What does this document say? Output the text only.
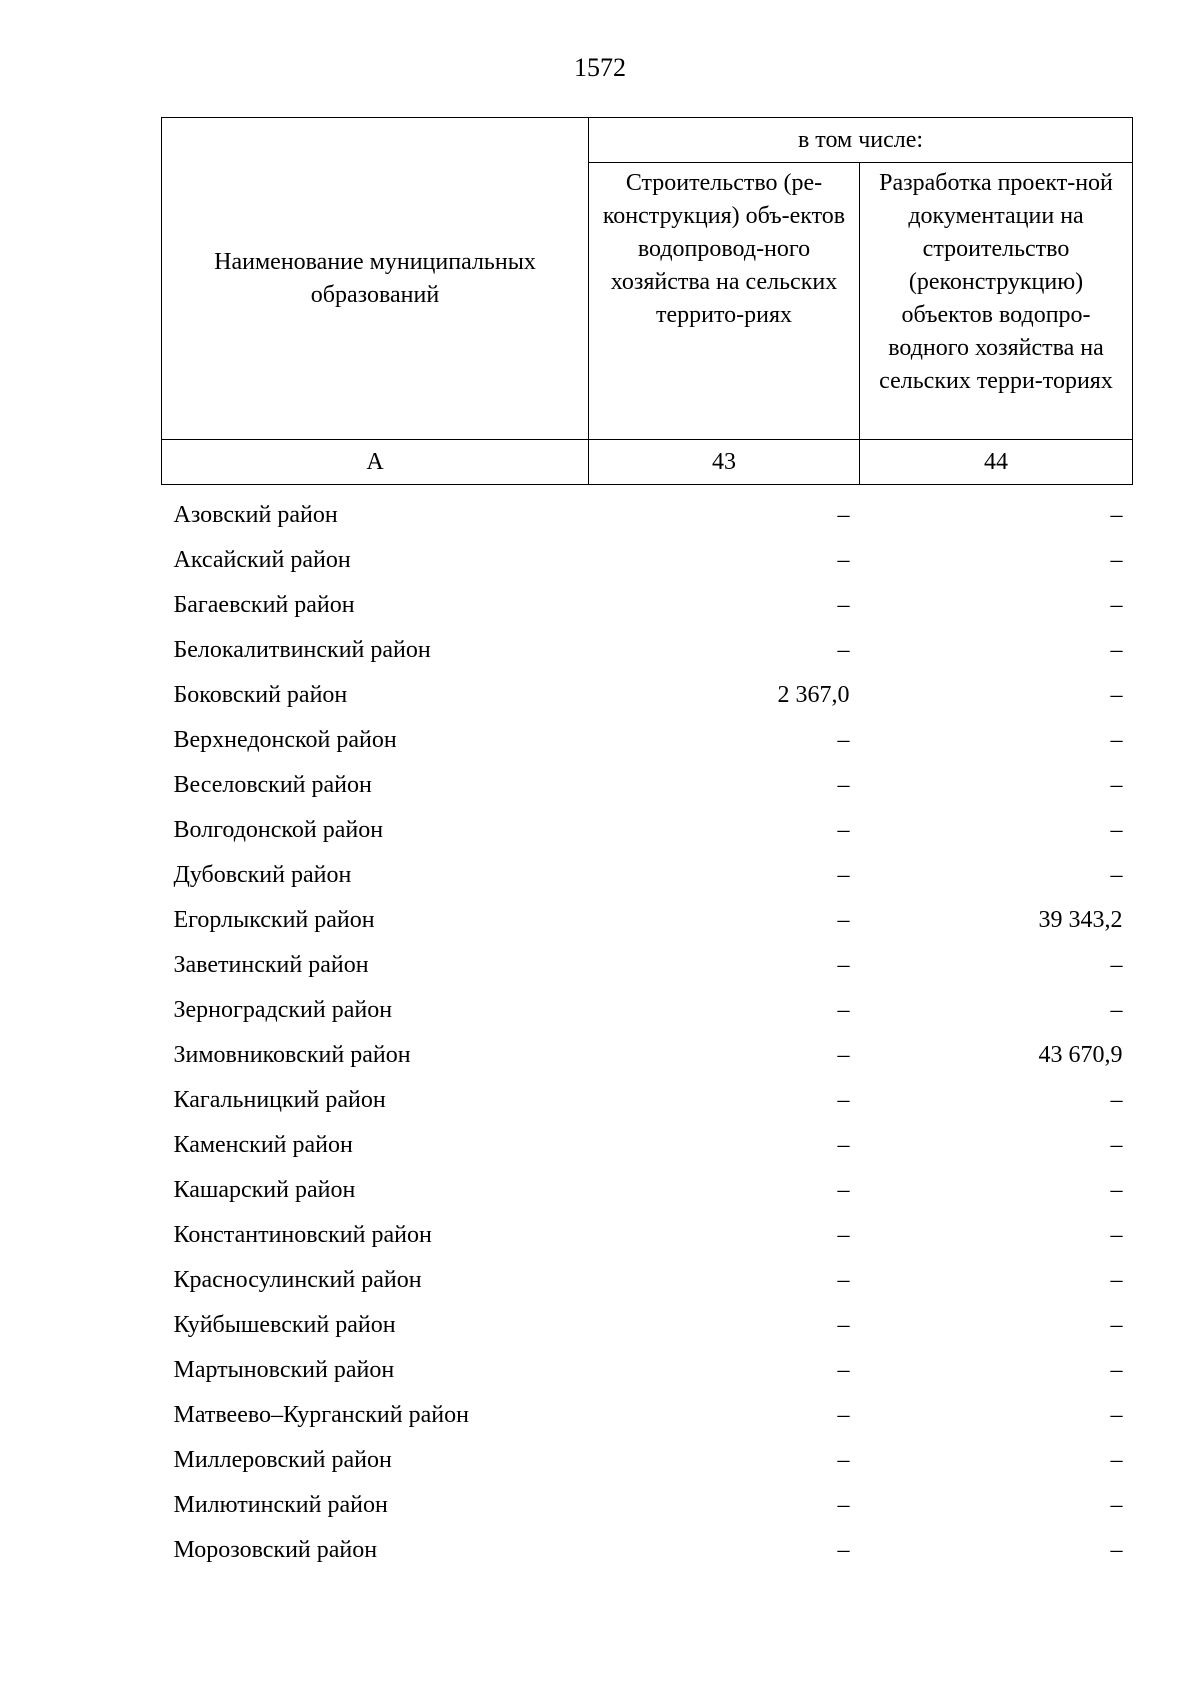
1572
Наименование муниципальных образований	в том числе:	
	Строительство (ре-конструкция) объ-ектов водопровод-ного хозяйства на сельских террито-риях	Разработка проект-ной документации на строительство (реконструкцию) объектов водопро-водного хозяйства на сельских терри-ториях
А	43	44

Азовский район	–	–
Аксайский район	–	–
Багаевский район	–	–
Белокалитвинский район	–	–
Боковский район	2 367,0	–
Верхнедонской район	–	–
Веселовский район	–	–
Волгодонской район	–	–
Дубовский район	–	–
Егорлыкский район	–	39 343,2
Заветинский район	–	–
Зерноградский район	–	–
Зимовниковский район	–	43 670,9
Кагальницкий район	–	–
Каменский район	–	–
Кашарский район	–	–
Константиновский район	–	–
Красносулинский район	–	–
Куйбышевский район	–	–
Мартыновский район	–	–
Матвеево–Курганский район	–	–
Миллеровский район	–	–
Милютинский район	–	–
Морозовский район	–	–
